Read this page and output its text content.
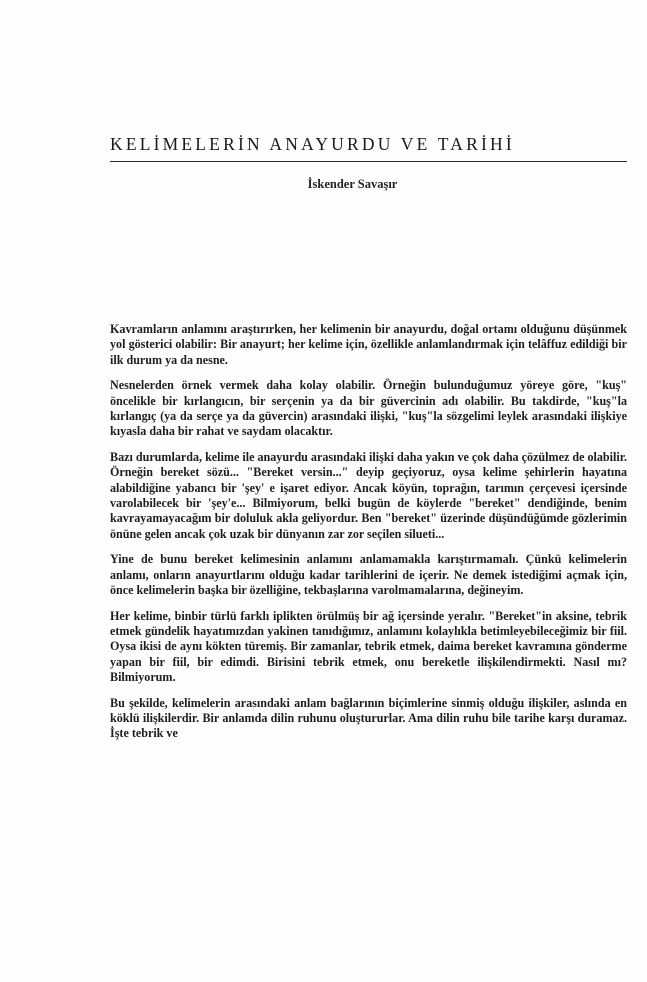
KELİMELERİN ANAYURDU VE TARİHİ
İskender Savaşır

Kavramların anlamını araştırırken, her kelimenin bir anayurdu, doğal ortamı olduğunu düşünmek yol gösterici olabilir: Bir anayurt; her kelime için, özellikle anlamlandırmak için telâffuz edildiği bir ilk durum ya da nesne.

Nesnelerden örnek vermek daha kolay olabilir. Örneğin bulunduğumuz yöreye göre, "kuş" öncelikle bir kırlangıcın, bir serçenin ya da bir güvercinin adı olabilir. Bu takdirde, "kuş"la kırlangıç (ya da serçe ya da güvercin) arasındaki ilişki, "kuş"la sözgelimi leylek arasındaki ilişkiye kıyasla daha bir rahat ve saydam olacaktır.

Bazı durumlarda, kelime ile anayurdu arasındaki ilişki daha yakın ve çok daha çözülmez de olabilir. Örneğin bereket sözü... "Bereket versin..." deyip geçiyoruz, oysa kelime şehirlerin hayatına alabildiğine yabancı bir 'şey' e işaret ediyor. Ancak köyün, toprağın, tarımın çerçevesi içersinde varolabilecek bir 'şey'e... Bilmiyorum, belki bugün de köylerde "bereket" dendiğinde, benim kavrayamayacağım bir doluluk akla geliyordur. Ben "bereket" üzerinde düşündüğümde gözlerimin önüne gelen ancak çok uzak bir dünyanın zar zor seçilen silueti...

Yine de bunu bereket kelimesinin anlamını anlamamakla karıştırmamalı. Çünkü kelimelerin anlamı, onların anayurtlarını olduğu kadar tarihlerini de içerir. Ne demek istediğimi açmak için, önce kelimelerin başka bir özelliğine, tekbaşlarına varolmamalarına, değineyim.

Her kelime, binbir türlü farklı iplikten örülmüş bir ağ içersinde yeralır. "Bereket"in aksine, tebrik etmek gündelik hayatımızdan yakinen tanıdığımız, anlamını kolaylıkla betimleyebileceğimiz bir fiil. Oysa ikisi de aynı kökten türemiş. Bir zamanlar, tebrik etmek, daima bereket kavramına gönderme yapan bir fiil, bir edimdi. Birisini tebrik etmek, onu bereketle ilişkilendirmekti. Nasıl mı? Bilmiyorum.

Bu şekilde, kelimelerin arasındaki anlam bağlarının biçimlerine sinmiş olduğu ilişkiler, aslında en köklü ilişkilerdir. Bir anlamda dilin ruhunu oluştururlar. Ama dilin ruhu bile tarihe karşı duramaz. İşte tebrik ve
